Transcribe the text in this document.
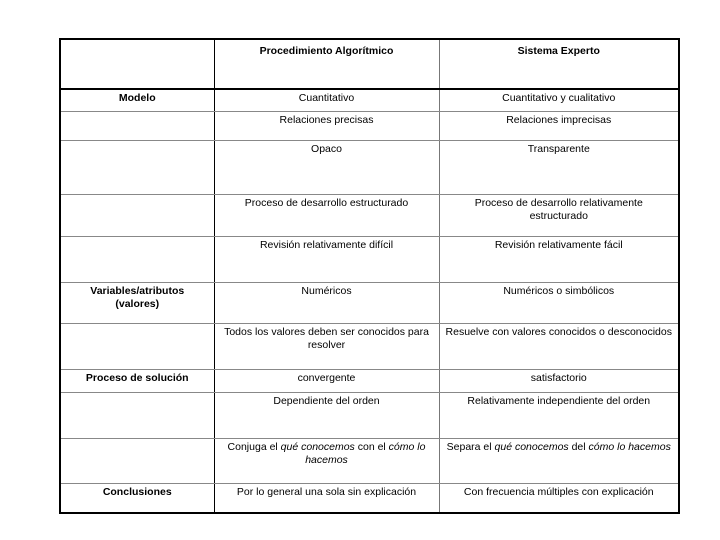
	Procedimiento Algorítmico	Sistema Experto
Modelo	Cuantitativo	Cuantitativo y cualitativo
	Relaciones precisas	Relaciones imprecisas
	Opaco	Transparente
	Proceso de desarrollo estructurado	Proceso de desarrollo relativamente estructurado
	Revisión relativamente difícil	Revisión relativamente fácil
Variables/atributos (valores)	Numéricos	Numéricos o simbólicos
	Todos los valores deben ser conocidos para resolver	Resuelve con valores conocidos o desconocidos
Proceso de solución	convergente	satisfactorio
	Dependiente del orden	Relativamente independiente del orden
	Conjuga el qué conocemos con el cómo lo hacemos	Separa el qué conocemos del cómo lo hacemos
Conclusiones	Por lo general una sola sin explicación	Con frecuencia múltiples con explicación
